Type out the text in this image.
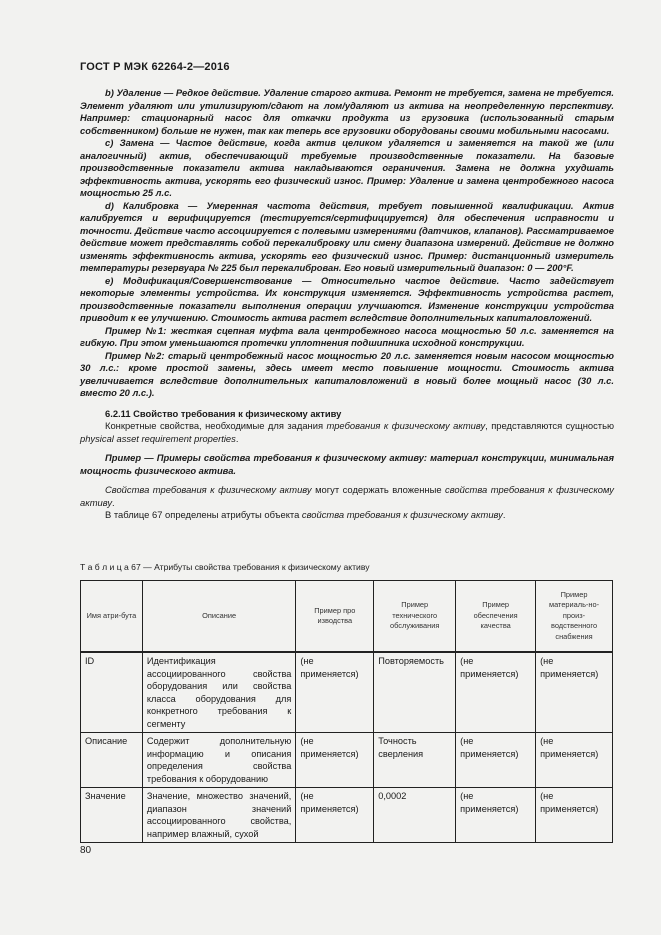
ГОСТ Р МЭК 62264-2—2016

b) Удаление — Редкое действие. Удаление старого актива. Ремонт не требуется, замена не требуется. Элемент удаляют или утилизируют/сдают на лом/удаляют из актива на неопределенную перспективу. Например: стационарный насос для откачки продукта из грузовика (использованный старым собственником) больше не нужен, так как теперь все грузовики оборудованы своими мобильными насосами.

c) Замена — Частое действие, когда актив целиком удаляется и заменяется на такой же (или аналогичный) актив, обеспечивающий требуемые производственные показатели. На базовые производственные показатели актива накладываются ограничения. Замена не должна ухудшать эффективность актива, ускорять его физический износ. Пример: Удаление и замена центробежного насоса мощностью 25 л.с.

d) Калибровка — Умеренная частота действия, требует повышенной квалификации. Актив калибруется и верифицируется (тестируется/сертифицируется) для обеспечения исправности и точности. Действие часто ассоциируется с полевыми измерениями (датчиков, клапанов). Рассматриваемое действие может представлять собой перекалибровку или смену диапазона измерений. Действие не должно изменять эффективность актива, ускорять его физический износ. Пример: дистанционный измеритель температуры резервуара № 225 был перекалиброван. Его новый измерительный диапазон: 0 — 200°F.

e) Модификация/Совершенствование — Относительно частое действие. Часто задействует некоторые элементы устройства. Их конструкция изменяется. Эффективность устройства растет, производственные показатели выполнения операции улучшаются. Изменение конструкции устройства приводит к ее улучшению. Стоимость актива растет вследствие дополнительных капиталовложений.

Пример №1: жесткая сцепная муфта вала центробежного насоса мощностью 50 л.с. заменяется на гибкую. При этом уменьшаются протечки уплотнения подшипника исходной конструкции.

Пример №2: старый центробежный насос мощностью 20 л.с. заменяется новым насосом мощностью 30 л.с.: кроме простой замены, здесь имеет место повышение мощности. Стоимость актива увеличивается вследствие дополнительных капиталовложений в новый более мощный насос (30 л.с. вместо 20 л.с.).

6.2.11 Свойство требования к физическому активу

Конкретные свойства, необходимые для задания требования к физическому активу, представляются сущностью physical asset requirement properties.

Пример — Примеры свойства требования к физическому активу: материал конструкции, минимальная мощность физического актива.

Свойства требования к физическому активу могут содержать вложенные свойства требования к физическому активу.

В таблице 67 определены атрибуты объекта свойства требования к физическому активу.

Т а б л и ц а 67 — Атрибуты свойства требования к физическому активу
Имя атри-бута	Описание	Пример про изводства	Пример технического обслуживания	Пример обеспечения качества	Пример материаль-но-произ-водственного снабжения
ID	Идентификация ассоциированного свойства оборудования или свойства класса оборудования для конкретного требования к сегменту	(не применяется)	Повторяемость	(не применяется)	(не применяется)
Описание	Содержит дополнительную информацию и описания определения свойства требования к оборудованию	(не применяется)	Точность сверления	(не применяется)	(не применяется)
Значение	Значение, множество значений, диапазон значений ассоциированного свойства, например влажный, сухой	(не применяется)	0,0002	(не применяется)	(не применяется)
80
